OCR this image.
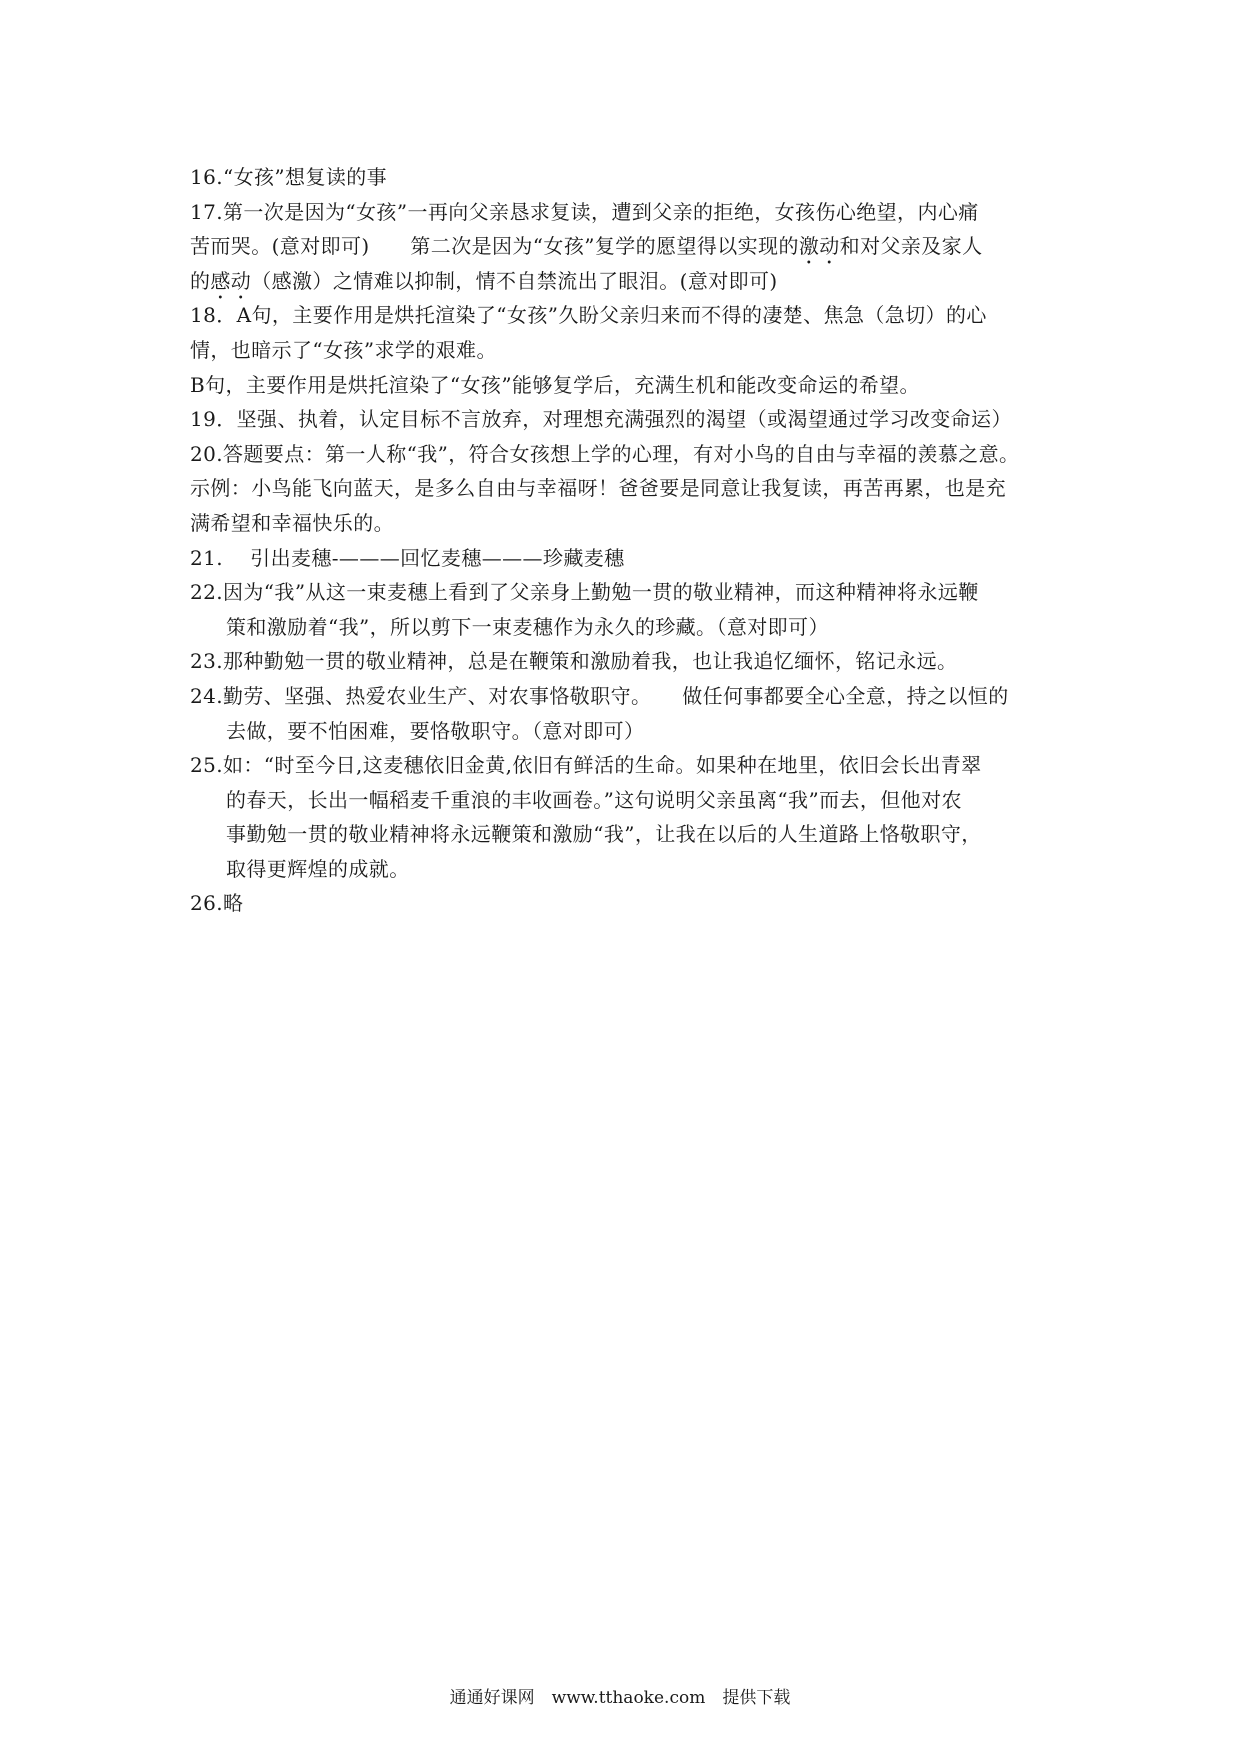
16.“女孩”想复读的事
17.第一次是因为“女孩”一再向父亲恳求复读，遭到父亲的拒绝，女孩伤心绝望，内心痛
苦而哭。(意对即可)　　第二次是因为“女孩”复学的愿望得以实现的激动和对父亲及家人
的感动（感激）之情难以抑制，情不自禁流出了眼泪。(意对即可)
18．A句，主要作用是烘托渲染了“女孩”久盼父亲归来而不得的凄楚、焦急（急切）的心
情，也暗示了“女孩”求学的艰难。
B句，主要作用是烘托渲染了“女孩”能够复学后，充满生机和能改变命运的希望。
19．坚强、执着，认定目标不言放弃，对理想充满强烈的渴望（或渴望通过学习改变命运）
20.答题要点：第一人称“我”，符合女孩想上学的心理，有对小鸟的自由与幸福的羡慕之意。
示例：小鸟能飞向蓝天，是多么自由与幸福呀！爸爸要是同意让我复读，再苦再累，也是充
满希望和幸福快乐的。
21.　 引出麦穗-———回忆麦穗———珍藏麦穗
22.因为“我”从这一束麦穗上看到了父亲身上勤勉一贯的敬业精神，而这种精神将永远鞭
策和激励着“我”，所以剪下一束麦穗作为永久的珍藏。（意对即可）
23.那种勤勉一贯的敬业精神，总是在鞭策和激励着我，也让我追忆缅怀，铭记永远。
24.勤劳、坚强、热爱农业生产、对农事恪敬职守。　　做任何事都要全心全意，持之以恒的
去做，要不怕困难，要恪敬职守。（意对即可）
25.如：“时至今日,这麦穗依旧金黄,依旧有鲜活的生命。如果种在地里，依旧会长出青翠
的春天，长出一幅稻麦千重浪的丰收画卷。”这句说明父亲虽离“我”而去，但他对农
事勤勉一贯的敬业精神将永远鞭策和激励“我”，让我在以后的人生道路上恪敬职守，
取得更辉煌的成就。
26.略
通通好课网　www.tthaoke.com　提供下载
